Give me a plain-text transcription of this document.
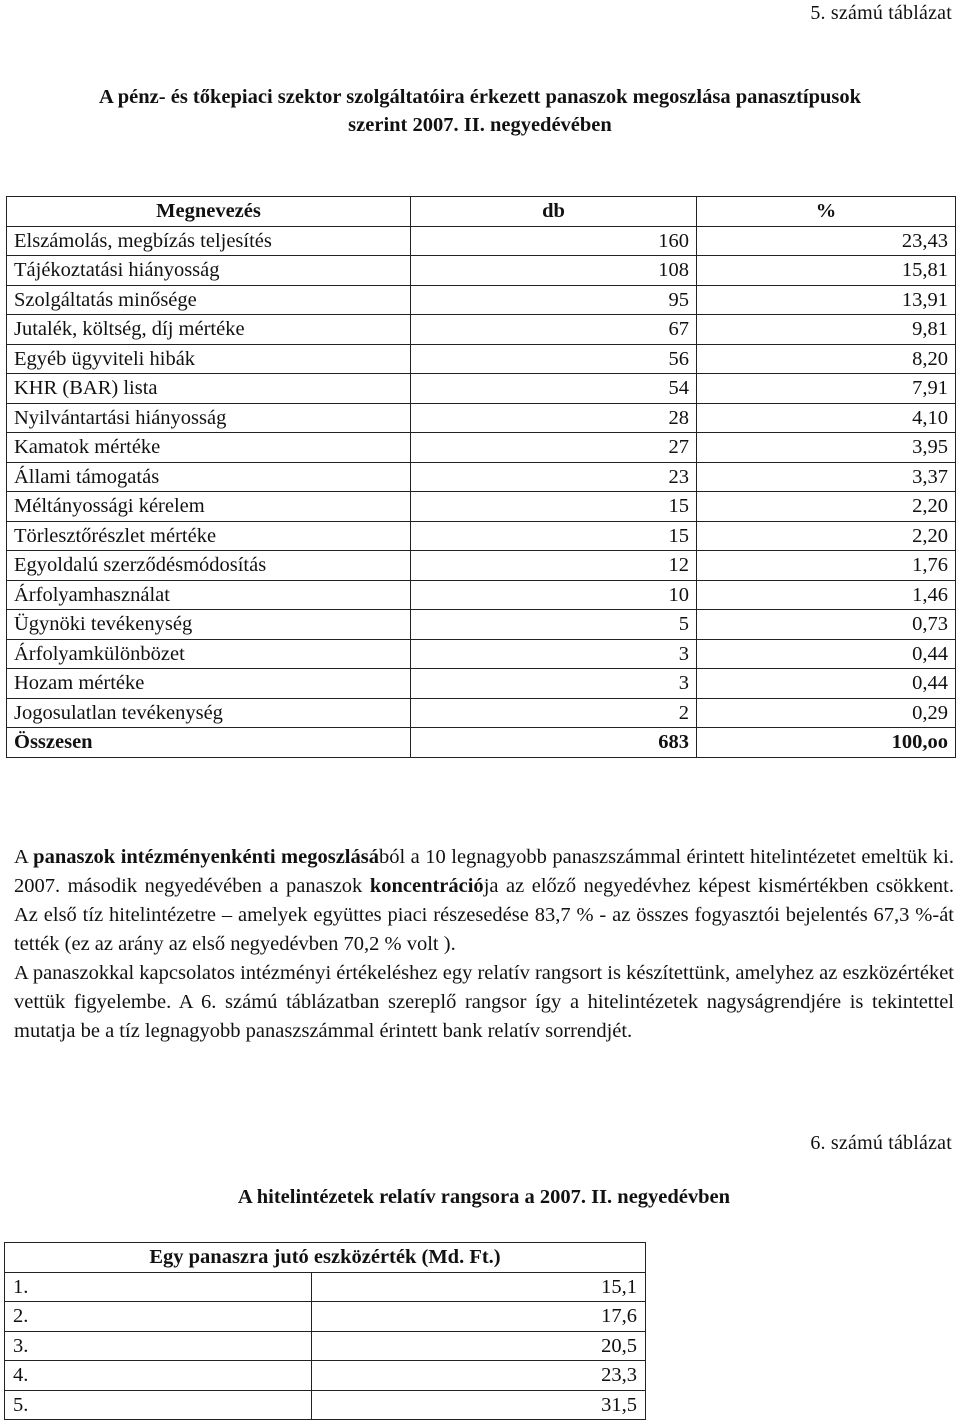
5. számú táblázat
A pénz- és tőkepiaci szektor szolgáltatóira érkezett panaszok megoszlása panasztípusok
szerint 2007. II. negyedévében
Megnevezés	db	%
Elszámolás, megbízás teljesítés	160	23,43
Tájékoztatási hiányosság	108	15,81
Szolgáltatás minősége	95	13,91
Jutalék, költség, díj mértéke	67	9,81
Egyéb ügyviteli hibák	56	8,20
KHR (BAR) lista	54	7,91
Nyilvántartási hiányosság	28	4,10
Kamatok mértéke	27	3,95
Állami támogatás	23	3,37
Méltányossági kérelem	15	2,20
Törlesztőrészlet mértéke	15	2,20
Egyoldalú szerződésmódosítás	12	1,76
Árfolyamhasználat	10	1,46
Ügynöki tevékenység	5	0,73
Árfolyamkülönbözet	3	0,44
Hozam mértéke	3	0,44
Jogosulatlan tevékenység	2	0,29
Összesen	683	100,oo

A panaszok intézményenkénti megoszlásából a 10 legnagyobb panaszszámmal érintett hitelintézetet emeltük ki. 2007. második negyedévében a panaszok koncentrációja az előző negyedévhez képest kismértékben csökkent. Az első tíz hitelintézetre – amelyek együttes piaci részesedése 83,7 % - az összes fogyasztói bejelentés 67,3 %-át tették (ez az arány az első negyedévben 70,2 % volt ).

A panaszokkal kapcsolatos intézményi értékeléshez egy relatív rangsort is készítettünk, amelyhez az eszközértéket vettük figyelembe. A 6. számú táblázatban szereplő rangsor így a hitelintézetek nagyságrendjére is tekintettel mutatja be a tíz legnagyobb panaszszámmal érintett bank relatív sorrendjét.

6. számú táblázat
A hitelintézetek relatív rangsora a 2007. II. negyedévben
Egy panaszra jutó eszközérték (Md. Ft.)	
1.	15,1
2.	17,6
3.	20,5
4.	23,3
5.	31,5
